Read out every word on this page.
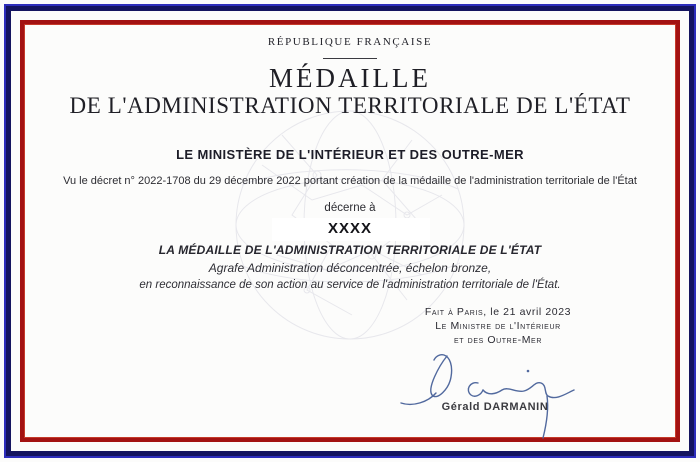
RÉPUBLIQUE FRANÇAISE
MÉDAILLE
DE L'ADMINISTRATION TERRITORIALE DE L'ÉTAT
LE MINISTÈRE DE L'INTÉRIEUR ET DES OUTRE-MER
Vu le décret n° 2022-1708 du 29 décembre 2022 portant création de la médaille de l'administration territoriale de l'État
décerne à
XXXX
LA MÉDAILLE DE L'ADMINISTRATION TERRITORIALE DE L'ÉTAT
Agrafe Administration déconcentrée, échelon bronze,
en reconnaissance de son action au service de l'administration territoriale de l'État.
Fait à Paris, le 21 avril 2023
Le Ministre de l'Intérieur
et des Outre-Mer
Gérald DARMANIN
